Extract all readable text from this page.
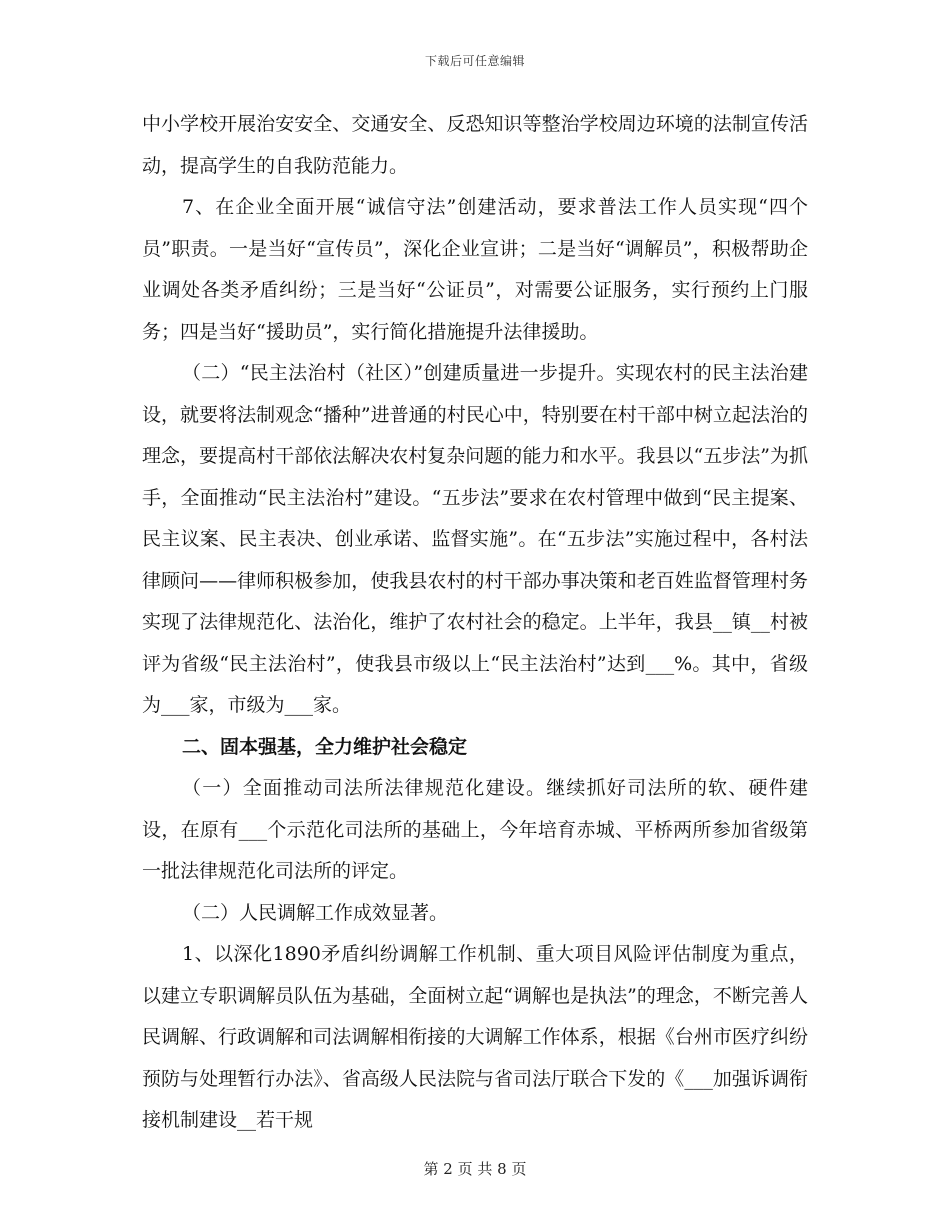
下载后可任意编辑

中小学校开展治安安全、交通安全、反恐知识等整治学校周边环境的法制宣传活动，提高学生的自我防范能力。

7、在企业全面开展“诚信守法”创建活动，要求普法工作人员实现“四个员”职责。一是当好“宣传员”，深化企业宣讲；二是当好“调解员”，积极帮助企业调处各类矛盾纠纷；三是当好“公证员”，对需要公证服务，实行预约上门服务；四是当好“援助员”，实行简化措施提升法律援助。

（二）“民主法治村（社区）”创建质量进一步提升。实现农村的民主法治建设，就要将法制观念“播种”进普通的村民心中，特别要在村干部中树立起法治的理念，要提高村干部依法解决农村复杂问题的能力和水平。我县以“五步法”为抓手，全面推动“民主法治村”建设。“五步法”要求在农村管理中做到“民主提案、民主议案、民主表决、创业承诺、监督实施”。在“五步法”实施过程中，各村法律顾问——律师积极参加，使我县农村的村干部办事决策和老百姓监督管理村务实现了法律规范化、法治化，维护了农村社会的稳定。上半年，我县__镇__村被评为省级“民主法治村”，使我县市级以上“民主法治村”达到___%。其中，省级为___家，市级为___家。

二、固本强基，全力维护社会稳定

（一）全面推动司法所法律规范化建设。继续抓好司法所的软、硬件建设，在原有___个示范化司法所的基础上，今年培育赤城、平桥两所参加省级第一批法律规范化司法所的评定。

（二）人民调解工作成效显著。

1、以深化1890矛盾纠纷调解工作机制、重大项目风险评估制度为重点，以建立专职调解员队伍为基础，全面树立起“调解也是执法”的理念，不断完善人民调解、行政调解和司法调解相衔接的大调解工作体系，根据《台州市医疗纠纷预防与处理暂行办法》、省高级人民法院与省司法厅联合下发的《___加强诉调衔接机制建设__若干规

第 2 页 共 8 页
